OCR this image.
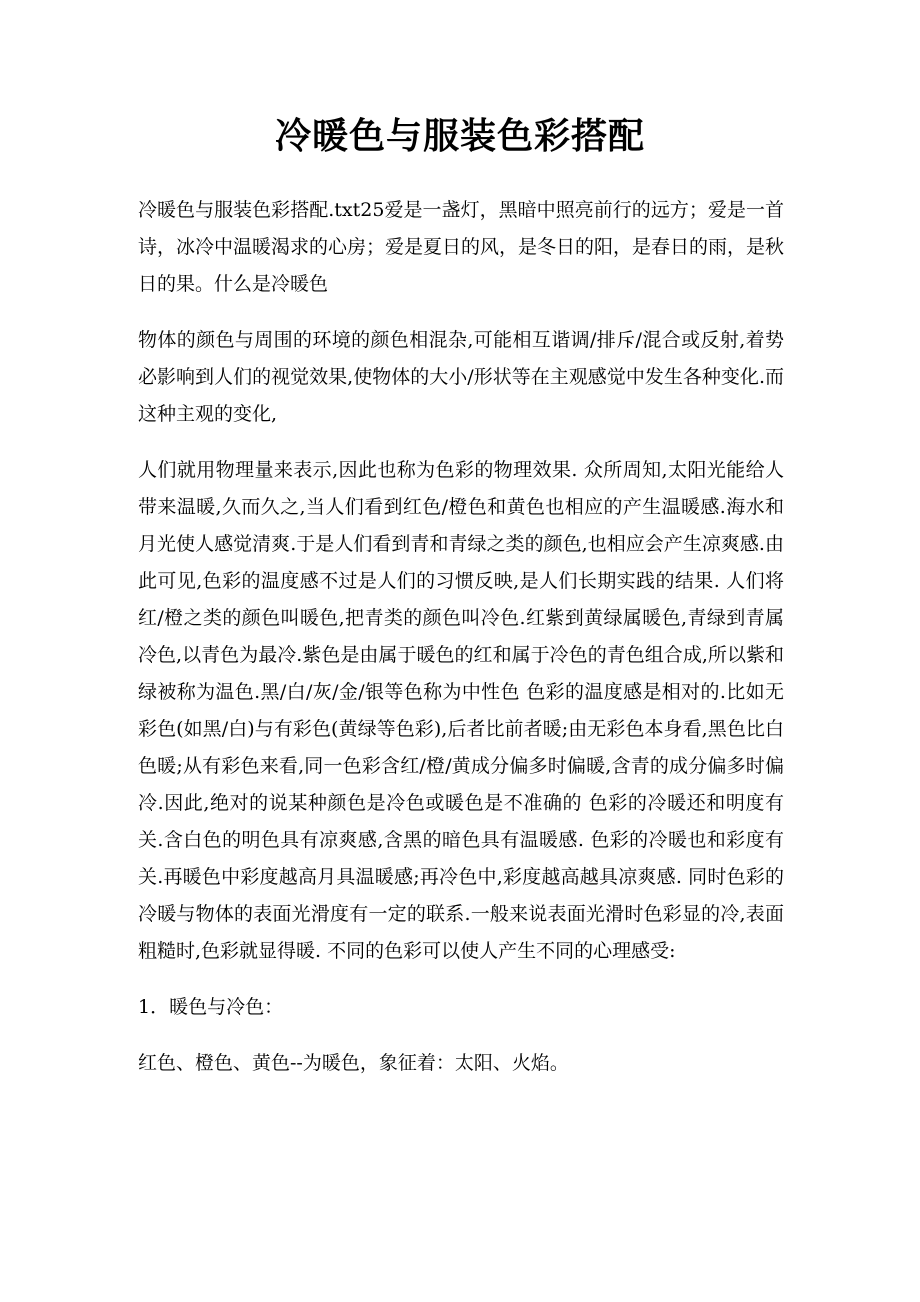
冷暖色与服装色彩搭配

冷暖色与服装色彩搭配.txt25爱是一盏灯，黑暗中照亮前行的远方；爱是一首诗，冰冷中温暖渴求的心房；爱是夏日的风，是冬日的阳，是春日的雨，是秋日的果。什么是冷暖色

物体的颜色与周围的环境的颜色相混杂,可能相互谐调/排斥/混合或反射,着势必影响到人们的视觉效果,使物体的大小/形状等在主观感觉中发生各种变化.而这种主观的变化,

人们就用物理量来表示,因此也称为色彩的物理效果. 众所周知,太阳光能给人带来温暖,久而久之,当人们看到红色/橙色和黄色也相应的产生温暖感.海水和月光使人感觉清爽.于是人们看到青和青绿之类的颜色,也相应会产生凉爽感.由此可见,色彩的温度感不过是人们的习惯反映,是人们长期实践的结果. 人们将红/橙之类的颜色叫暖色,把青类的颜色叫冷色.红紫到黄绿属暖色,青绿到青属冷色,以青色为最冷.紫色是由属于暖色的红和属于冷色的青色组合成,所以紫和绿被称为温色.黑/白/灰/金/银等色称为中性色 色彩的温度感是相对的.比如无彩色(如黑/白)与有彩色(黄绿等色彩),后者比前者暖;由无彩色本身看,黑色比白色暖;从有彩色来看,同一色彩含红/橙/黄成分偏多时偏暖,含青的成分偏多时偏冷.因此,绝对的说某种颜色是冷色或暖色是不准确的 色彩的冷暖还和明度有关.含白色的明色具有凉爽感,含黑的暗色具有温暖感. 色彩的冷暖也和彩度有关.再暖色中彩度越高月具温暖感;再冷色中,彩度越高越具凉爽感. 同时色彩的冷暖与物体的表面光滑度有一定的联系.一般来说表面光滑时色彩显的冷,表面粗糙时,色彩就显得暖. 不同的色彩可以使人产生不同的心理感受:

1．暖色与冷色：

红色、橙色、黄色--为暖色，象征着：太阳、火焰。
